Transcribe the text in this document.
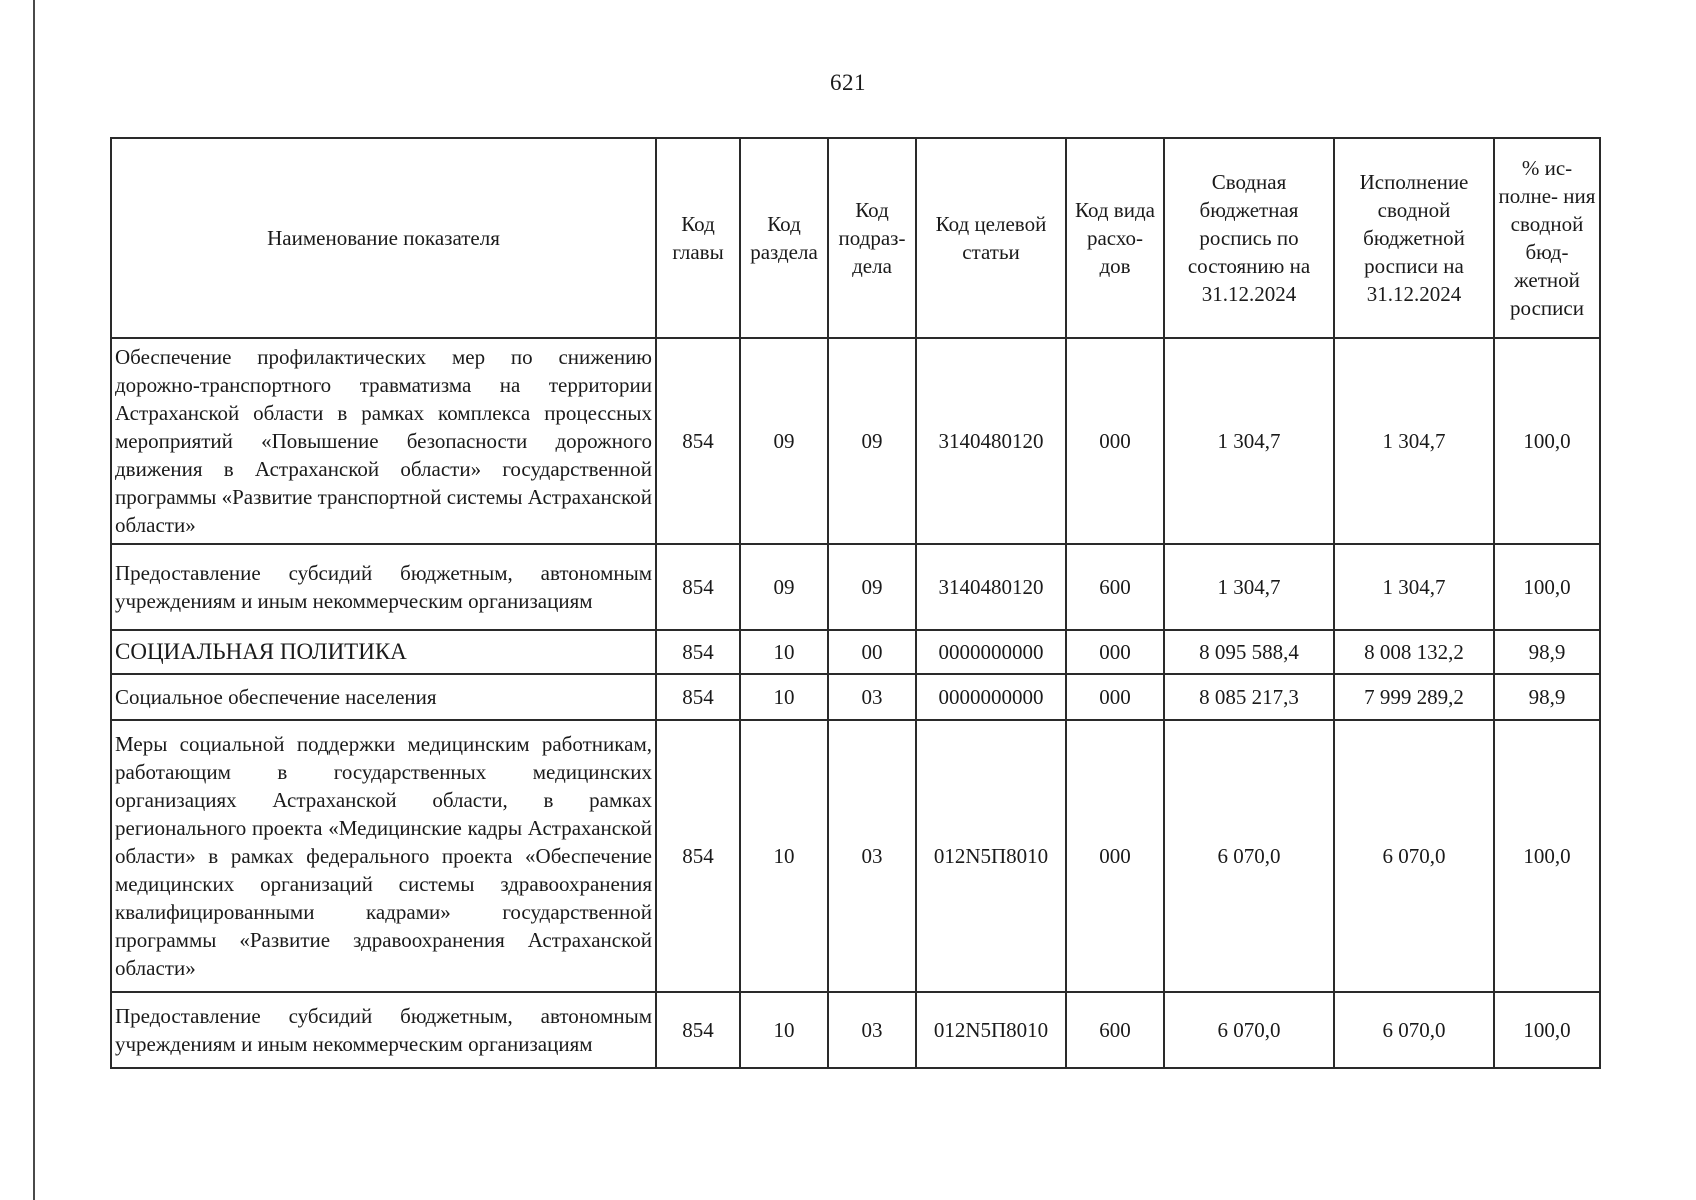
621
Наименование показателя	Код главы	Код раздела	Код подраз- дела	Код целевой статьи	Код вида расхо- дов	Сводная бюджетная роспись по состоянию на 31.12.2024	Исполнение сводной бюджетной росписи на 31.12.2024	% ис- полне- ния сводной бюд- жетной росписи
Обеспечение профилактических мер по снижению дорожно-транспортного травматизма на территории Астраханской области в рамках комплекса процессных мероприятий «Повышение безопасности дорожного движения в Астраханской области» государственной программы «Развитие транспортной системы Астраханской области»	854	09	09	3140480120	000	1 304,7	1 304,7	100,0
Предоставление субсидий бюджетным, автономным учреждениям и иным некоммерческим организациям	854	09	09	3140480120	600	1 304,7	1 304,7	100,0
СОЦИАЛЬНАЯ ПОЛИТИКА	854	10	00	0000000000	000	8 095 588,4	8 008 132,2	98,9
Социальное обеспечение населения	854	10	03	0000000000	000	8 085 217,3	7 999 289,2	98,9
Меры социальной поддержки медицинским работникам, работающим в государственных медицинских организациях Астраханской области, в рамках регионального проекта «Медицинские кадры Астраханской области» в рамках федерального проекта «Обеспечение медицинских организаций системы здравоохранения квалифицированными кадрами» государственной программы «Развитие здравоохранения Астраханской области»	854	10	03	012N5П8010	000	6 070,0	6 070,0	100,0
Предоставление субсидий бюджетным, автономным учреждениям и иным некоммерческим организациям	854	10	03	012N5П8010	600	6 070,0	6 070,0	100,0
